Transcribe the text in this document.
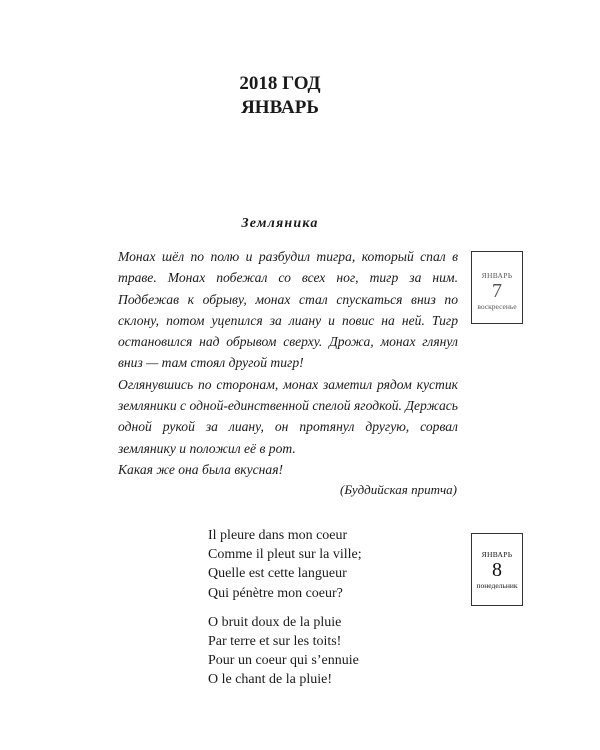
2018 ГОД
ЯНВАРЬ
Земляника

Монах шёл по полю и разбудил тигра, который спал в траве. Монах побежал со всех ног, тигр за ним. Подбежав к обрыву, монах стал спускаться вниз по склону, потом уцепился за лиану и повис на ней. Тигр остановился над обрывом сверху. Дрожа, монах глянул вниз — там стоял другой тигр!

Оглянувшись по сторонам, монах заметил рядом кустик земляники с одной-единственной спелой ягодкой. Держась одной рукой за лиану, он протянул другую, сорвал землянику и положил её в рот.

Какая же она была вкусная!

(Буддийская притча)
ЯНВАРЬ
7
воскресенье
Il pleure dans mon coeur
Comme il pleut sur la ville;
Quelle est cette langueur
Qui pénètre mon coeur?
O bruit doux de la pluie
Par terre et sur les toits!
Pour un coeur qui s’ennuie
O le chant de la pluie!
ЯНВАРЬ
8
понедельник
